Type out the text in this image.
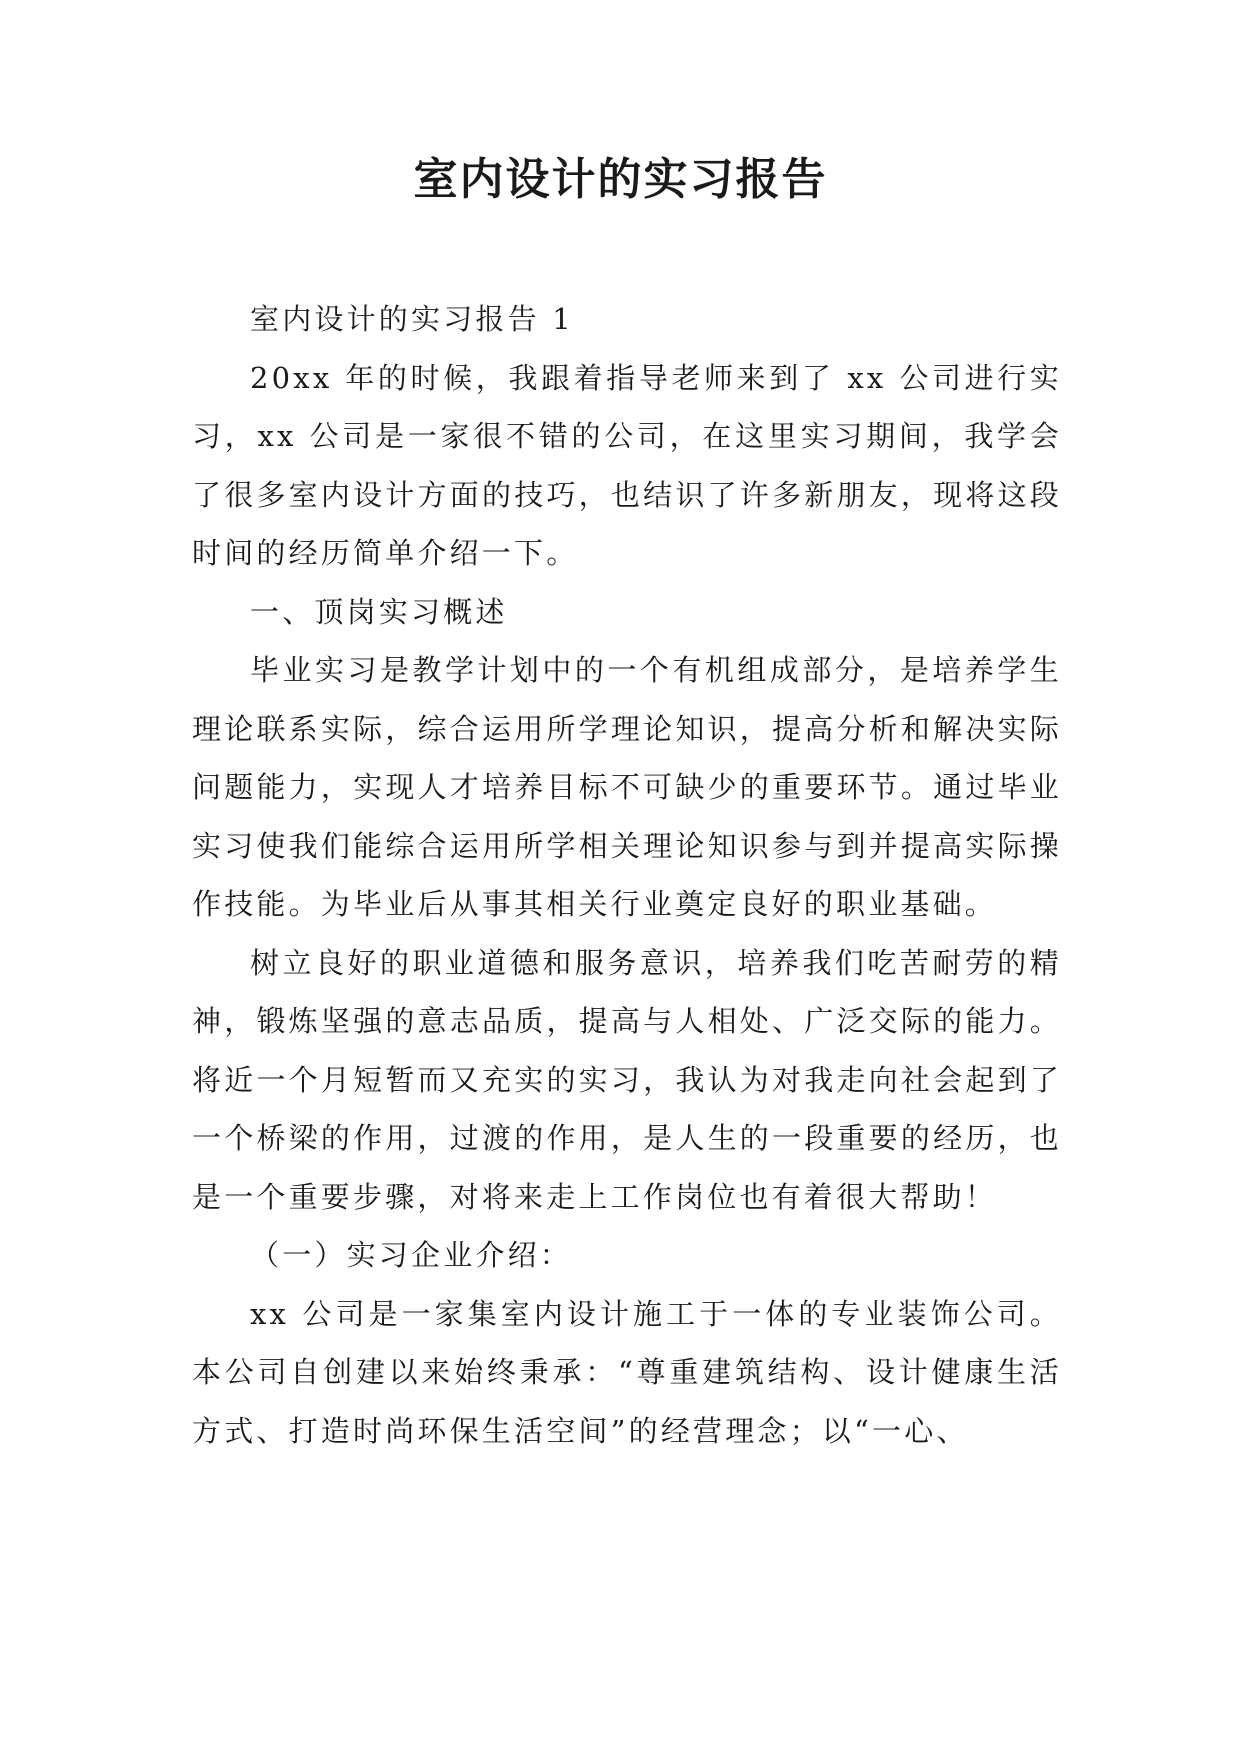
室内设计的实习报告

室内设计的实习报告 1

20xx 年的时候，我跟着指导老师来到了 xx 公司进行实习，xx 公司是一家很不错的公司，在这里实习期间，我学会了很多室内设计方面的技巧，也结识了许多新朋友，现将这段时间的经历简单介绍一下。

一、顶岗实习概述

毕业实习是教学计划中的一个有机组成部分，是培养学生理论联系实际，综合运用所学理论知识，提高分析和解决实际问题能力，实现人才培养目标不可缺少的重要环节。通过毕业实习使我们能综合运用所学相关理论知识参与到并提高实际操作技能。为毕业后从事其相关行业奠定良好的职业基础。

树立良好的职业道德和服务意识，培养我们吃苦耐劳的精神，锻炼坚强的意志品质，提高与人相处、广泛交际的能力。将近一个月短暂而又充实的实习，我认为对我走向社会起到了一个桥梁的作用，过渡的作用，是人生的一段重要的经历，也是一个重要步骤，对将来走上工作岗位也有着很大帮助！

（一）实习企业介绍：

xx 公司是一家集室内设计施工于一体的专业装饰公司。本公司自创建以来始终秉承：“尊重建筑结构、设计健康生活方式、打造时尚环保生活空间”的经营理念；以“一心、
